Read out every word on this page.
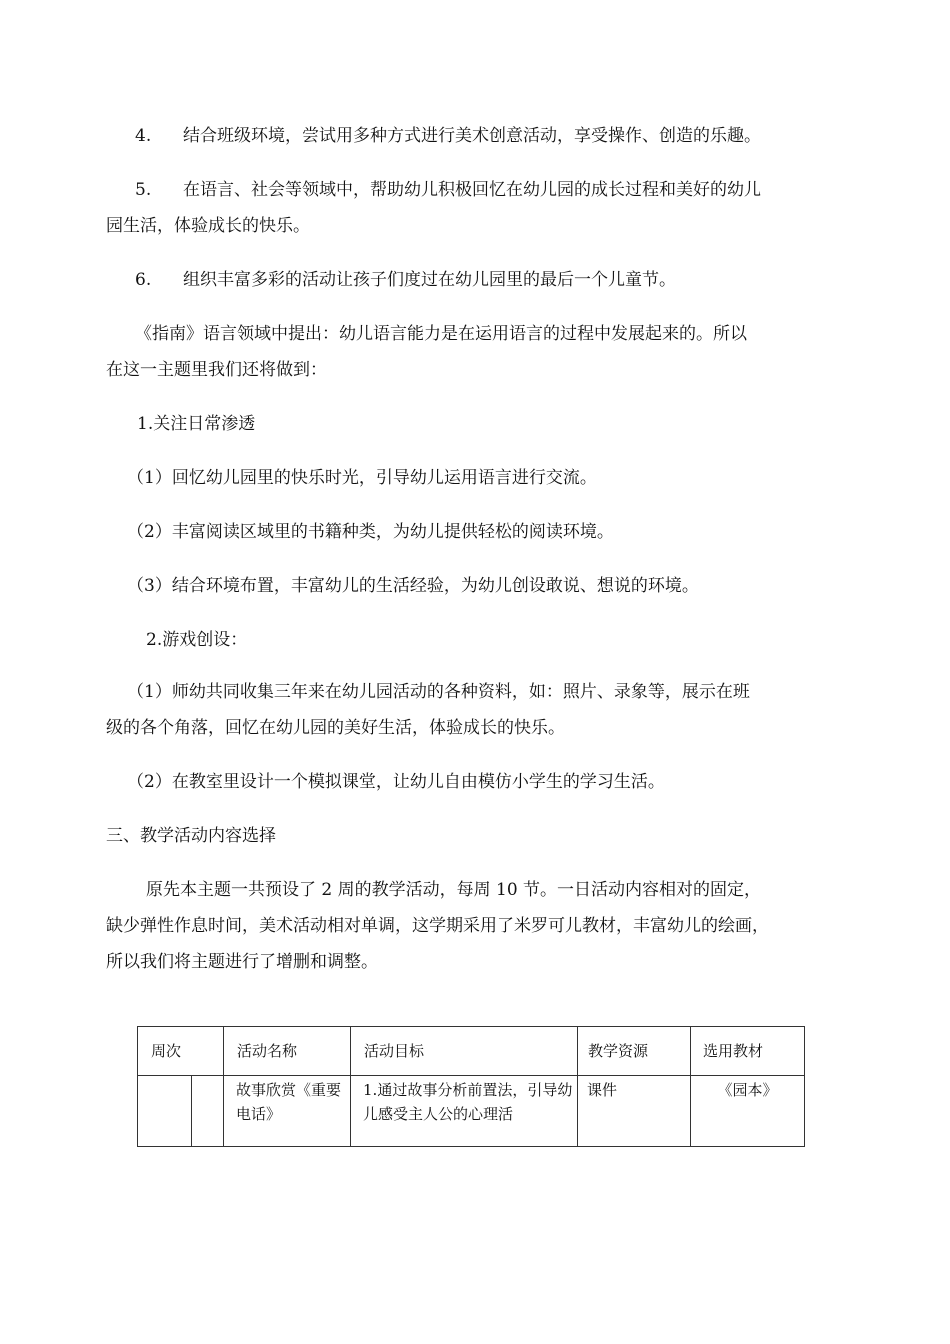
4. 结合班级环境，尝试用多种方式进行美术创意活动，享受操作、创造的乐趣。

5. 在语言、社会等领域中，帮助幼儿积极回忆在幼儿园的成长过程和美好的幼儿

园生活，体验成长的快乐。

6. 组织丰富多彩的活动让孩子们度过在幼儿园里的最后一个儿童节。

《指南》语言领域中提出：幼儿语言能力是在运用语言的过程中发展起来的。所以

在这一主题里我们还将做到：

1.关注日常渗透

（1）回忆幼儿园里的快乐时光，引导幼儿运用语言进行交流。

（2）丰富阅读区域里的书籍种类，为幼儿提供轻松的阅读环境。

（3）结合环境布置，丰富幼儿的生活经验，为幼儿创设敢说、想说的环境。

2.游戏创设：

（1）师幼共同收集三年来在幼儿园活动的各种资料，如：照片、录象等，展示在班

级的各个角落，回忆在幼儿园的美好生活，体验成长的快乐。

（2）在教室里设计一个模拟课堂，让幼儿自由模仿小学生的学习生活。

三、教学活动内容选择

原先本主题一共预设了 2 周的教学活动，每周 10 节。一日活动内容相对的固定，

缺少弹性作息时间，美术活动相对单调，这学期采用了米罗可儿教材，丰富幼儿的绘画，

所以我们将主题进行了增删和调整。

周次		活动名称	活动目标	教学资源	选用教材

		故事欣赏《重要电话》	1.通过故事分析前置法，引导幼儿感受主人公的心理活	课件	《园本》
